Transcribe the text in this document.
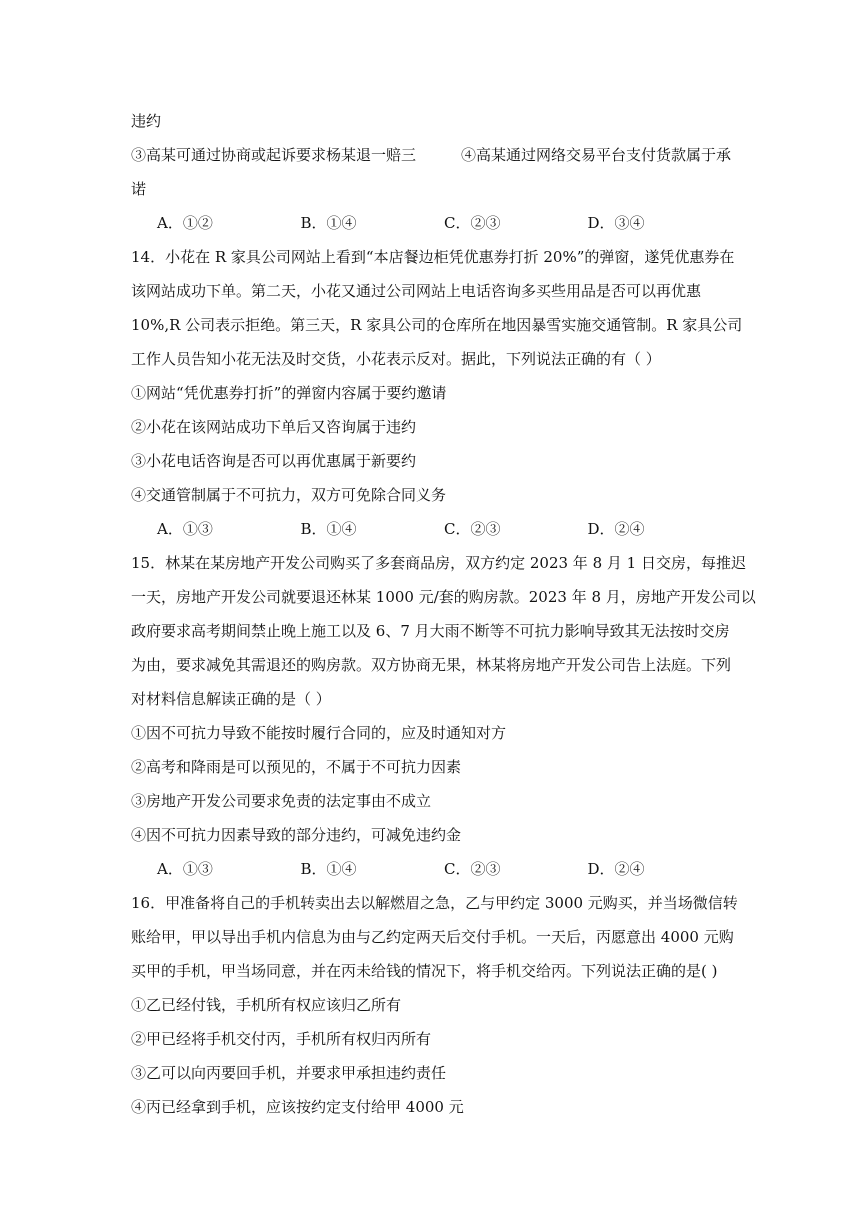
违约
③高某可通过协商或起诉要求杨某退一赔三	④高某通过网络交易平台支付货款属于承
诺
A．①②	B．①④	C．②③	D．③④
14．小花在 R 家具公司网站上看到“本店餐边柜凭优惠券打折 20%”的弹窗，遂凭优惠券在
该网站成功下单。第二天，小花又通过公司网站上电话咨询多买些用品是否可以再优惠
10%,R 公司表示拒绝。第三天，R 家具公司的仓库所在地因暴雪实施交通管制。R 家具公司
工作人员告知小花无法及时交货，小花表示反对。据此，下列说法正确的有（ ）
①网站“凭优惠券打折”的弹窗内容属于要约邀请
②小花在该网站成功下单后又咨询属于违约
③小花电话咨询是否可以再优惠属于新要约
④交通管制属于不可抗力，双方可免除合同义务
A．①③	B．①④	C．②③	D．②④
15．林某在某房地产开发公司购买了多套商品房，双方约定 2023 年 8 月 1 日交房，每推迟
一天，房地产开发公司就要退还林某 1000 元/套的购房款。2023 年 8 月，房地产开发公司以
政府要求高考期间禁止晚上施工以及 6、7 月大雨不断等不可抗力影响导致其无法按时交房
为由，要求减免其需退还的购房款。双方协商无果，林某将房地产开发公司告上法庭。下列
对材料信息解读正确的是（ ）
①因不可抗力导致不能按时履行合同的，应及时通知对方
②高考和降雨是可以预见的，不属于不可抗力因素
③房地产开发公司要求免责的法定事由不成立
④因不可抗力因素导致的部分违约，可减免违约金
A．①③	B．①④	C．②③	D．②④
16．甲准备将自己的手机转卖出去以解燃眉之急，乙与甲约定 3000 元购买，并当场微信转
账给甲，甲以导出手机内信息为由与乙约定两天后交付手机。一天后，丙愿意出 4000 元购
买甲的手机，甲当场同意，并在丙未给钱的情况下，将手机交给丙。下列说法正确的是( )
①乙已经付钱，手机所有权应该归乙所有
②甲已经将手机交付丙，手机所有权归丙所有
③乙可以向丙要回手机，并要求甲承担违约责任
④丙已经拿到手机，应该按约定支付给甲 4000 元
